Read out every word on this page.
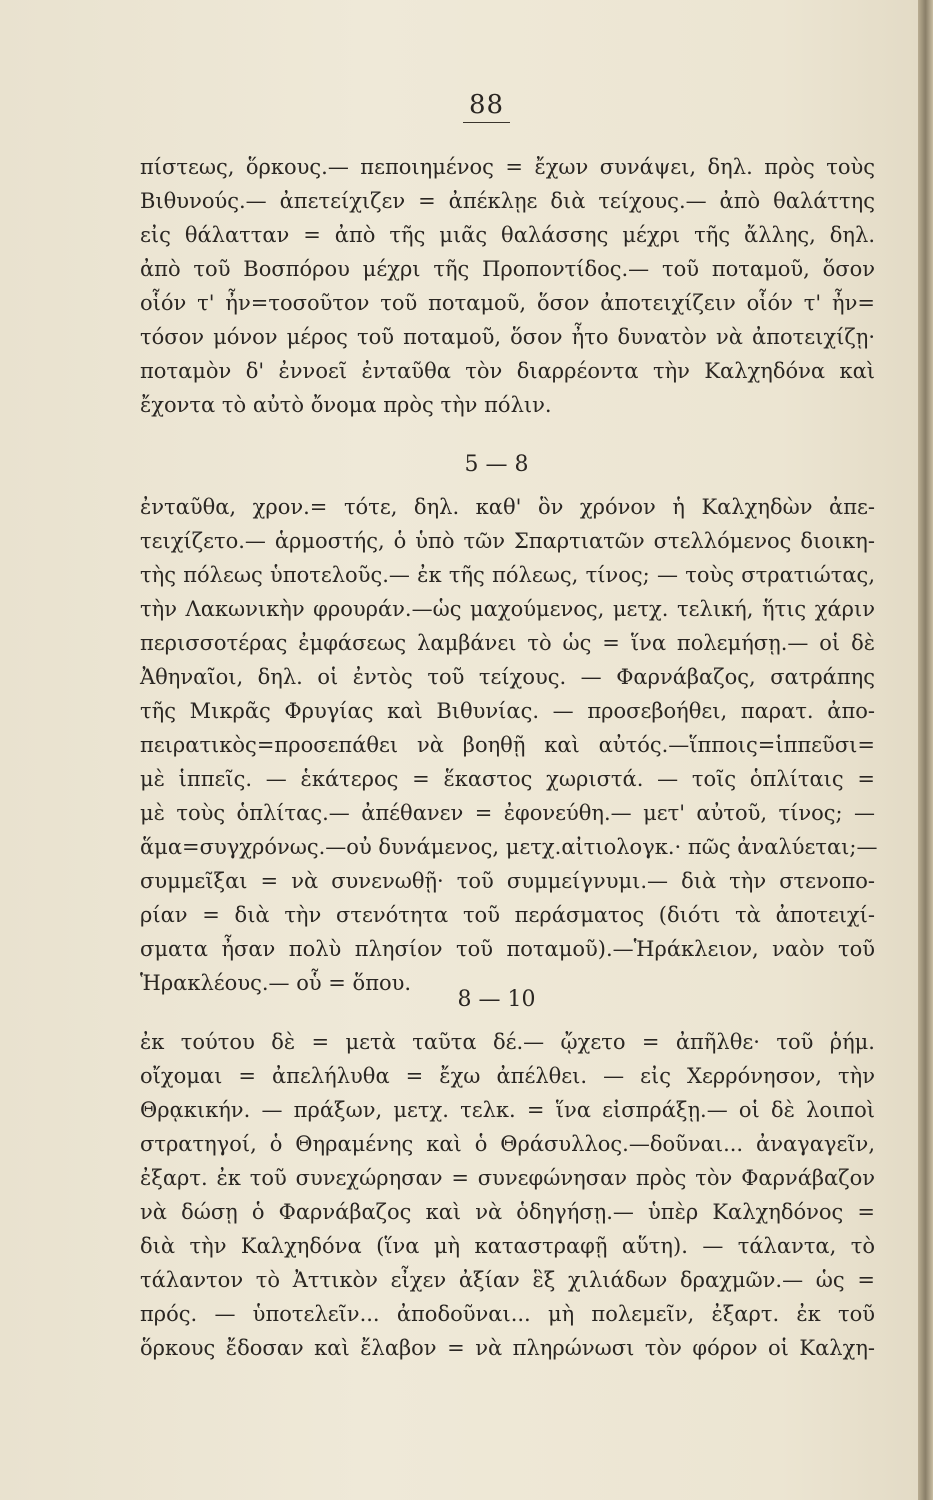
88
πίστεως, ὅρκους.— πεποιημένος = ἔχων συνάψει, δηλ. πρὸς τοὺς
Βιθυνούς.— ἀπετείχιζεν = ἀπέκλῃε διὰ τείχους.— ἀπὸ θαλάττης
εἰς θάλατταν = ἀπὸ τῆς μιᾶς θαλάσσης μέχρι τῆς ἄλλης, δηλ.
ἀπὸ τοῦ Βοσπόρου μέχρι τῆς Προποντίδος.— τοῦ ποταμοῦ, ὅσον
οἷόν τ' ἦν=τοσοῦτον τοῦ ποταμοῦ, ὅσον ἀποτειχίζειν οἷόν τ' ἦν=
τόσον μόνον μέρος τοῦ ποταμοῦ, ὅσον ἦτο δυνατὸν νὰ ἀποτειχίζῃ·
ποταμὸν δ' ἐννοεῖ ἐνταῦθα τὸν διαρρέοντα τὴν Καλχηδόνα καὶ
ἔχοντα τὸ αὐτὸ ὄνομα πρὸς τὴν πόλιν.
5 — 8
ἐνταῦθα, χρον.= τότε, δηλ. καθ' ὃν χρόνον ἡ Καλχηδὼν ἀπε-
τειχίζετο.— ἁρμοστής, ὁ ὑπὸ τῶν Σπαρτιατῶν στελλόμενος διοικη-
τὴς πόλεως ὑποτελοῦς.— ἐκ τῆς πόλεως, τίνος; — τοὺς στρατιώτας,
τὴν Λακωνικὴν φρουράν.—ὡς μαχούμενος, μετχ. τελική, ἥτις χάριν
περισσοτέρας ἐμφάσεως λαμβάνει τὸ ὡς = ἵνα πολεμήσῃ.— οἱ δὲ
Ἀθηναῖοι, δηλ. οἱ ἐντὸς τοῦ τείχους. — Φαρνάβαζος, σατράπης
τῆς Μικρᾶς Φρυγίας καὶ Βιθυνίας. — προσεβοήθει, παρατ. ἀπο-
πειρατικὸς=προσεπάθει νὰ βοηθῇ καὶ αὐτός.—ἵπποις=ἱππεῦσι=
μὲ ἱππεῖς. — ἑκάτερος = ἕκαστος χωριστά. — τοῖς ὁπλίταις =
μὲ τοὺς ὁπλίτας.— ἀπέθανεν = ἐφονεύθη.— μετ' αὐτοῦ, τίνος; —
ἅμα=συγχρόνως.—οὐ δυνάμενος, μετχ.αἰτιολογκ.· πῶς ἀναλύεται;—
συμμεῖξαι = νὰ συνενωθῇ· τοῦ συμμείγνυμι.— διὰ τὴν στενοπο-
ρίαν = διὰ τὴν στενότητα τοῦ περάσματος (διότι τὰ ἀποτειχί-
σματα ἦσαν πολὺ πλησίον τοῦ ποταμοῦ).—Ἡράκλειον, ναὸν τοῦ
Ἡρακλέους.— οὗ = ὅπου.
8 — 10
ἐκ τούτου δὲ = μετὰ ταῦτα δέ.— ᾤχετο = ἀπῆλθε· τοῦ ῥήμ.
οἴχομαι = ἀπελήλυθα = ἔχω ἀπέλθει. — εἰς Χερρόνησον, τὴν
Θρᾳκικήν. — πράξων, μετχ. τελκ. = ἵνα εἰσπράξῃ.— οἱ δὲ λοιποὶ
στρατηγοί, ὁ Θηραμένης καὶ ὁ Θράσυλλος.—δοῦναι... ἀναγαγεῖν,
ἐξαρτ. ἐκ τοῦ συνεχώρησαν = συνεφώνησαν πρὸς τὸν Φαρνάβαζον
νὰ δώσῃ ὁ Φαρνάβαζος καὶ νὰ ὁδηγήσῃ.— ὑπὲρ Καλχηδόνος =
διὰ τὴν Καλχηδόνα (ἵνα μὴ καταστραφῇ αὕτη). — τάλαντα, τὸ
τάλαντον τὸ Ἀττικὸν εἶχεν ἀξίαν ἓξ χιλιάδων δραχμῶν.— ὡς =
πρός. — ὑποτελεῖν... ἀποδοῦναι... μὴ πολεμεῖν, ἐξαρτ. ἐκ τοῦ
ὅρκους ἔδοσαν καὶ ἔλαβον = νὰ πληρώνωσι τὸν φόρον οἱ Καλχη-
